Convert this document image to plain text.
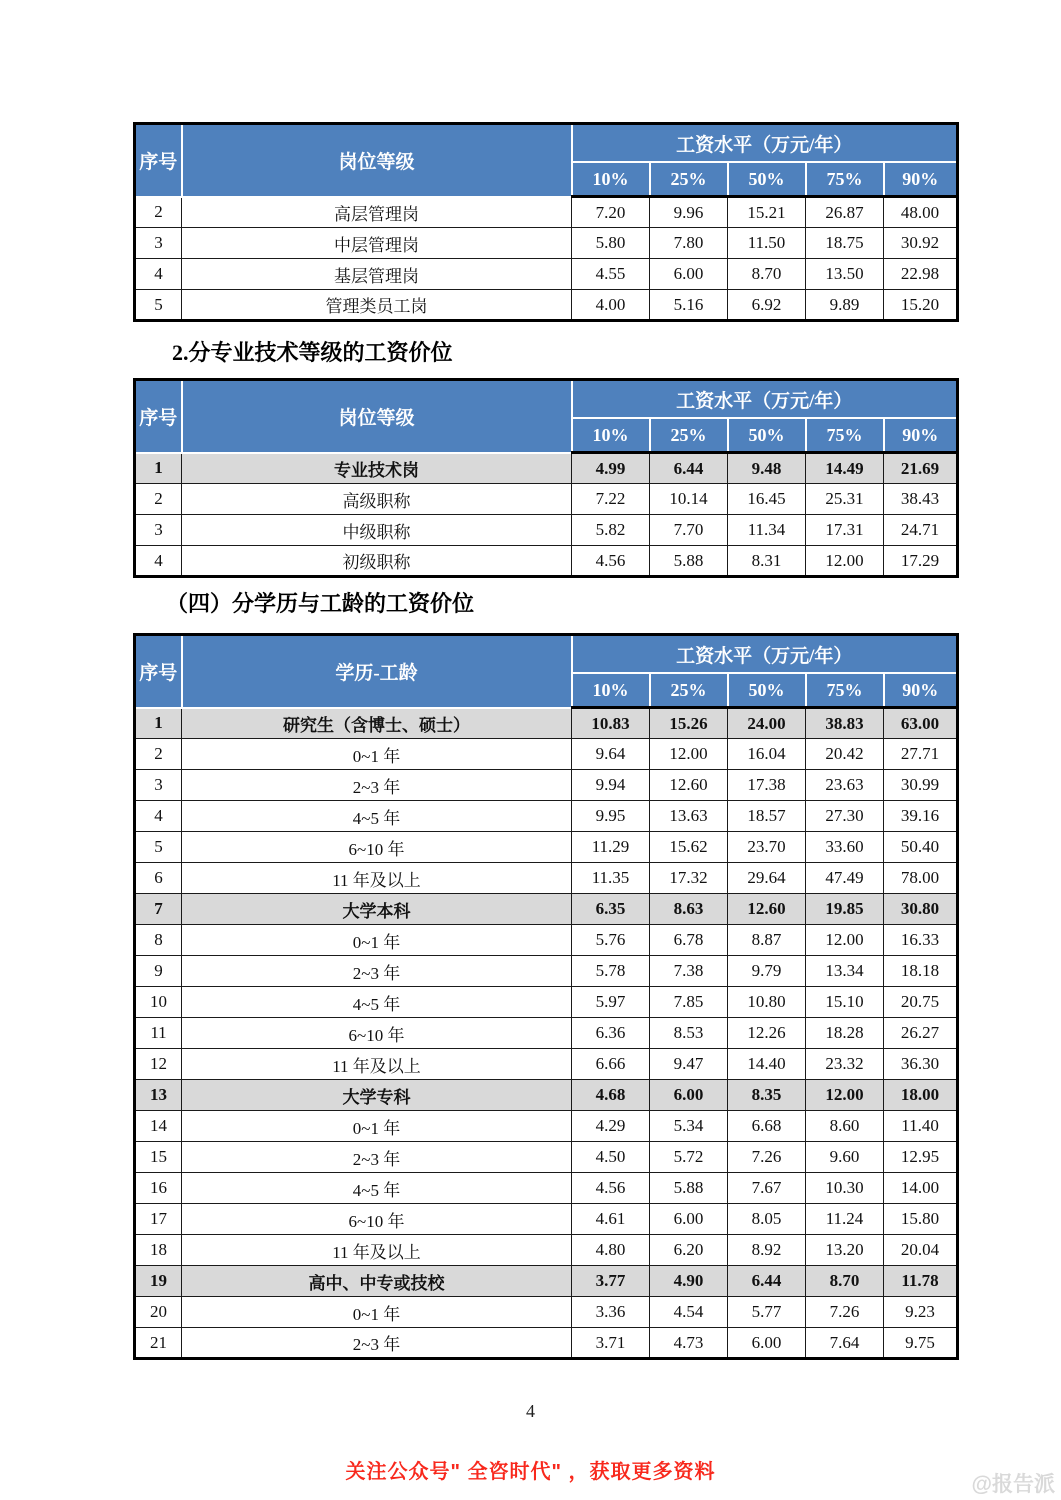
序号	岗位等级	工资水平（万元/年）				
		10%	25%	50%	75%	90%
2	高层管理岗	7.20	9.96	15.21	26.87	48.00
3	中层管理岗	5.80	7.80	11.50	18.75	30.92
4	基层管理岗	4.55	6.00	8.70	13.50	22.98
5	管理类员工岗	4.00	5.16	6.92	9.89	15.20
2.分专业技术等级的工资价位
序号	岗位等级	工资水平（万元/年）				
		10%	25%	50%	75%	90%
1	专业技术岗	4.99	6.44	9.48	14.49	21.69
2	高级职称	7.22	10.14	16.45	25.31	38.43
3	中级职称	5.82	7.70	11.34	17.31	24.71
4	初级职称	4.56	5.88	8.31	12.00	17.29
（四）分学历与工龄的工资价位
序号	学历-工龄	工资水平（万元/年）				
		10%	25%	50%	75%	90%
1	研究生（含博士、硕士）	10.83	15.26	24.00	38.83	63.00
2	0~1 年	9.64	12.00	16.04	20.42	27.71
3	2~3 年	9.94	12.60	17.38	23.63	30.99
4	4~5 年	9.95	13.63	18.57	27.30	39.16
5	6~10 年	11.29	15.62	23.70	33.60	50.40
6	11 年及以上	11.35	17.32	29.64	47.49	78.00
7	大学本科	6.35	8.63	12.60	19.85	30.80
8	0~1 年	5.76	6.78	8.87	12.00	16.33
9	2~3 年	5.78	7.38	9.79	13.34	18.18
10	4~5 年	5.97	7.85	10.80	15.10	20.75
11	6~10 年	6.36	8.53	12.26	18.28	26.27
12	11 年及以上	6.66	9.47	14.40	23.32	36.30
13	大学专科	4.68	6.00	8.35	12.00	18.00
14	0~1 年	4.29	5.34	6.68	8.60	11.40
15	2~3 年	4.50	5.72	7.26	9.60	12.95
16	4~5 年	4.56	5.88	7.67	10.30	14.00
17	6~10 年	4.61	6.00	8.05	11.24	15.80
18	11 年及以上	4.80	6.20	8.92	13.20	20.04
19	高中、中专或技校	3.77	4.90	6.44	8.70	11.78
20	0~1 年	3.36	4.54	5.77	7.26	9.23
21	2~3 年	3.71	4.73	6.00	7.64	9.75
4
关注公众号" 全咨时代" ，获取更多资料
@报告派
